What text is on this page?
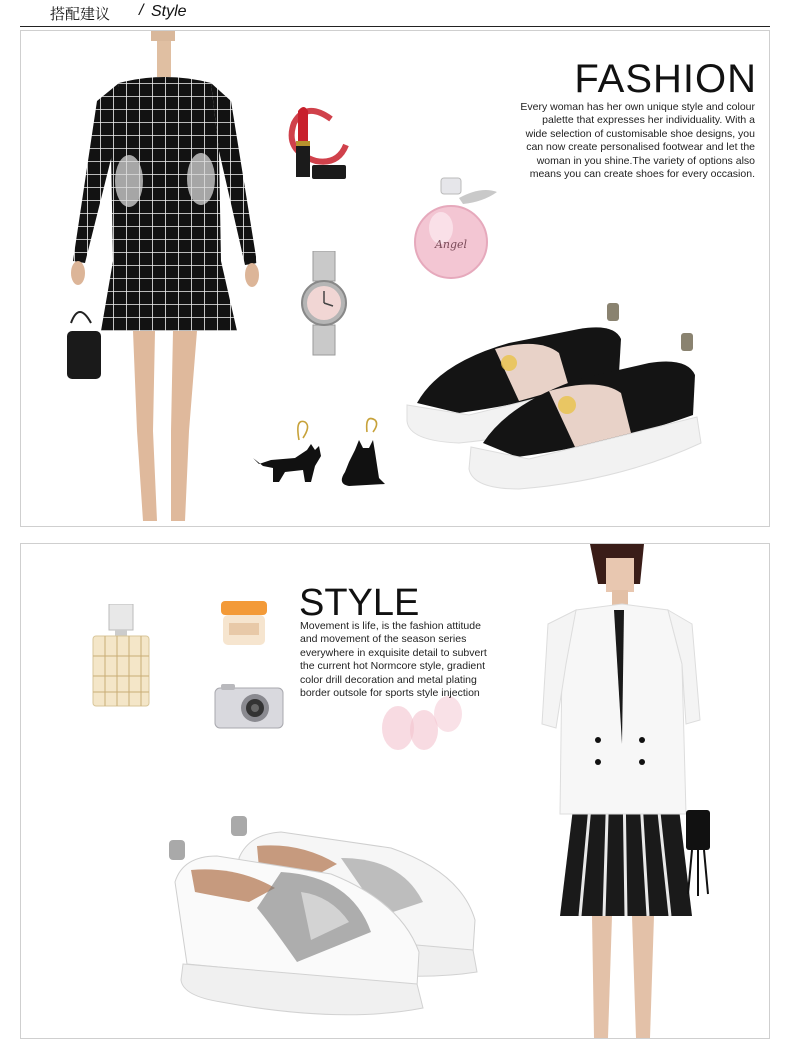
搭配建议 / Style
Angel
FASHION
Every woman has her own unique style and colour palette that expresses her individuality. With a wide selection of customisable shoe designs, you can now create personalised footwear and let the woman in you shine.The variety of options also means you can create shoes for every occasion.
STYLE
Movement is life, is the fashion attitude and movement of the season series everywhere in exquisite detail to subvert the current hot Normcore style, gradient color drill decoration and metal plating border outsole for sports style injection
